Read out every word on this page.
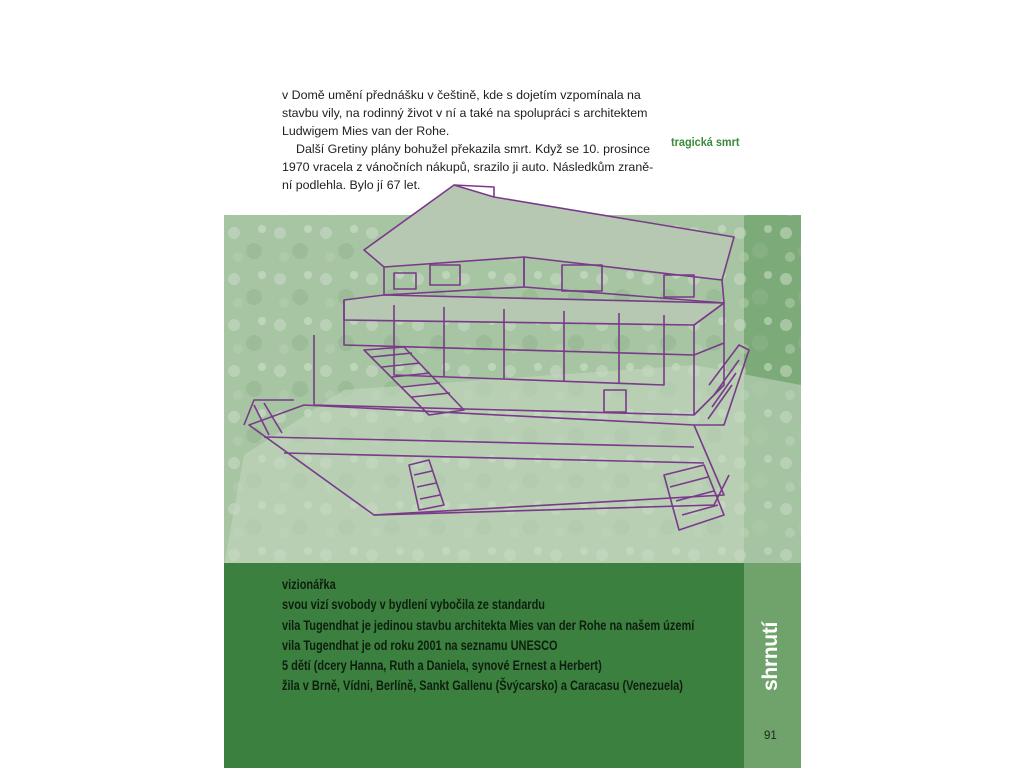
v Domě umění přednášku v češtině, kde s dojetím vzpomínala na
stavbu vily, na rodinný život v ní a také na spolupráci s architektem
Ludwigem Mies van der Rohe.

Další Gretiny plány bohužel překazila smrt. Když se 10. prosince
1970 vracela z vánočních nákupů, srazilo ji auto. Následkům zraně-
ní podlehla. Bylo jí 67 let.

tragická smrt
vizionářka
svou vizí svobody v bydlení vybočila ze standardu
vila Tugendhat je jedinou stavbu architekta Mies van der Rohe na našem území
vila Tugendhat je od roku 2001 na seznamu UNESCO
5 dětí (dcery Hanna, Ruth a Daniela, synové Ernest a Herbert)
žila v Brně, Vídni, Berlíně, Sankt Gallenu (Švýcarsko) a Caracasu (Venezuela)	shrnutí
91
